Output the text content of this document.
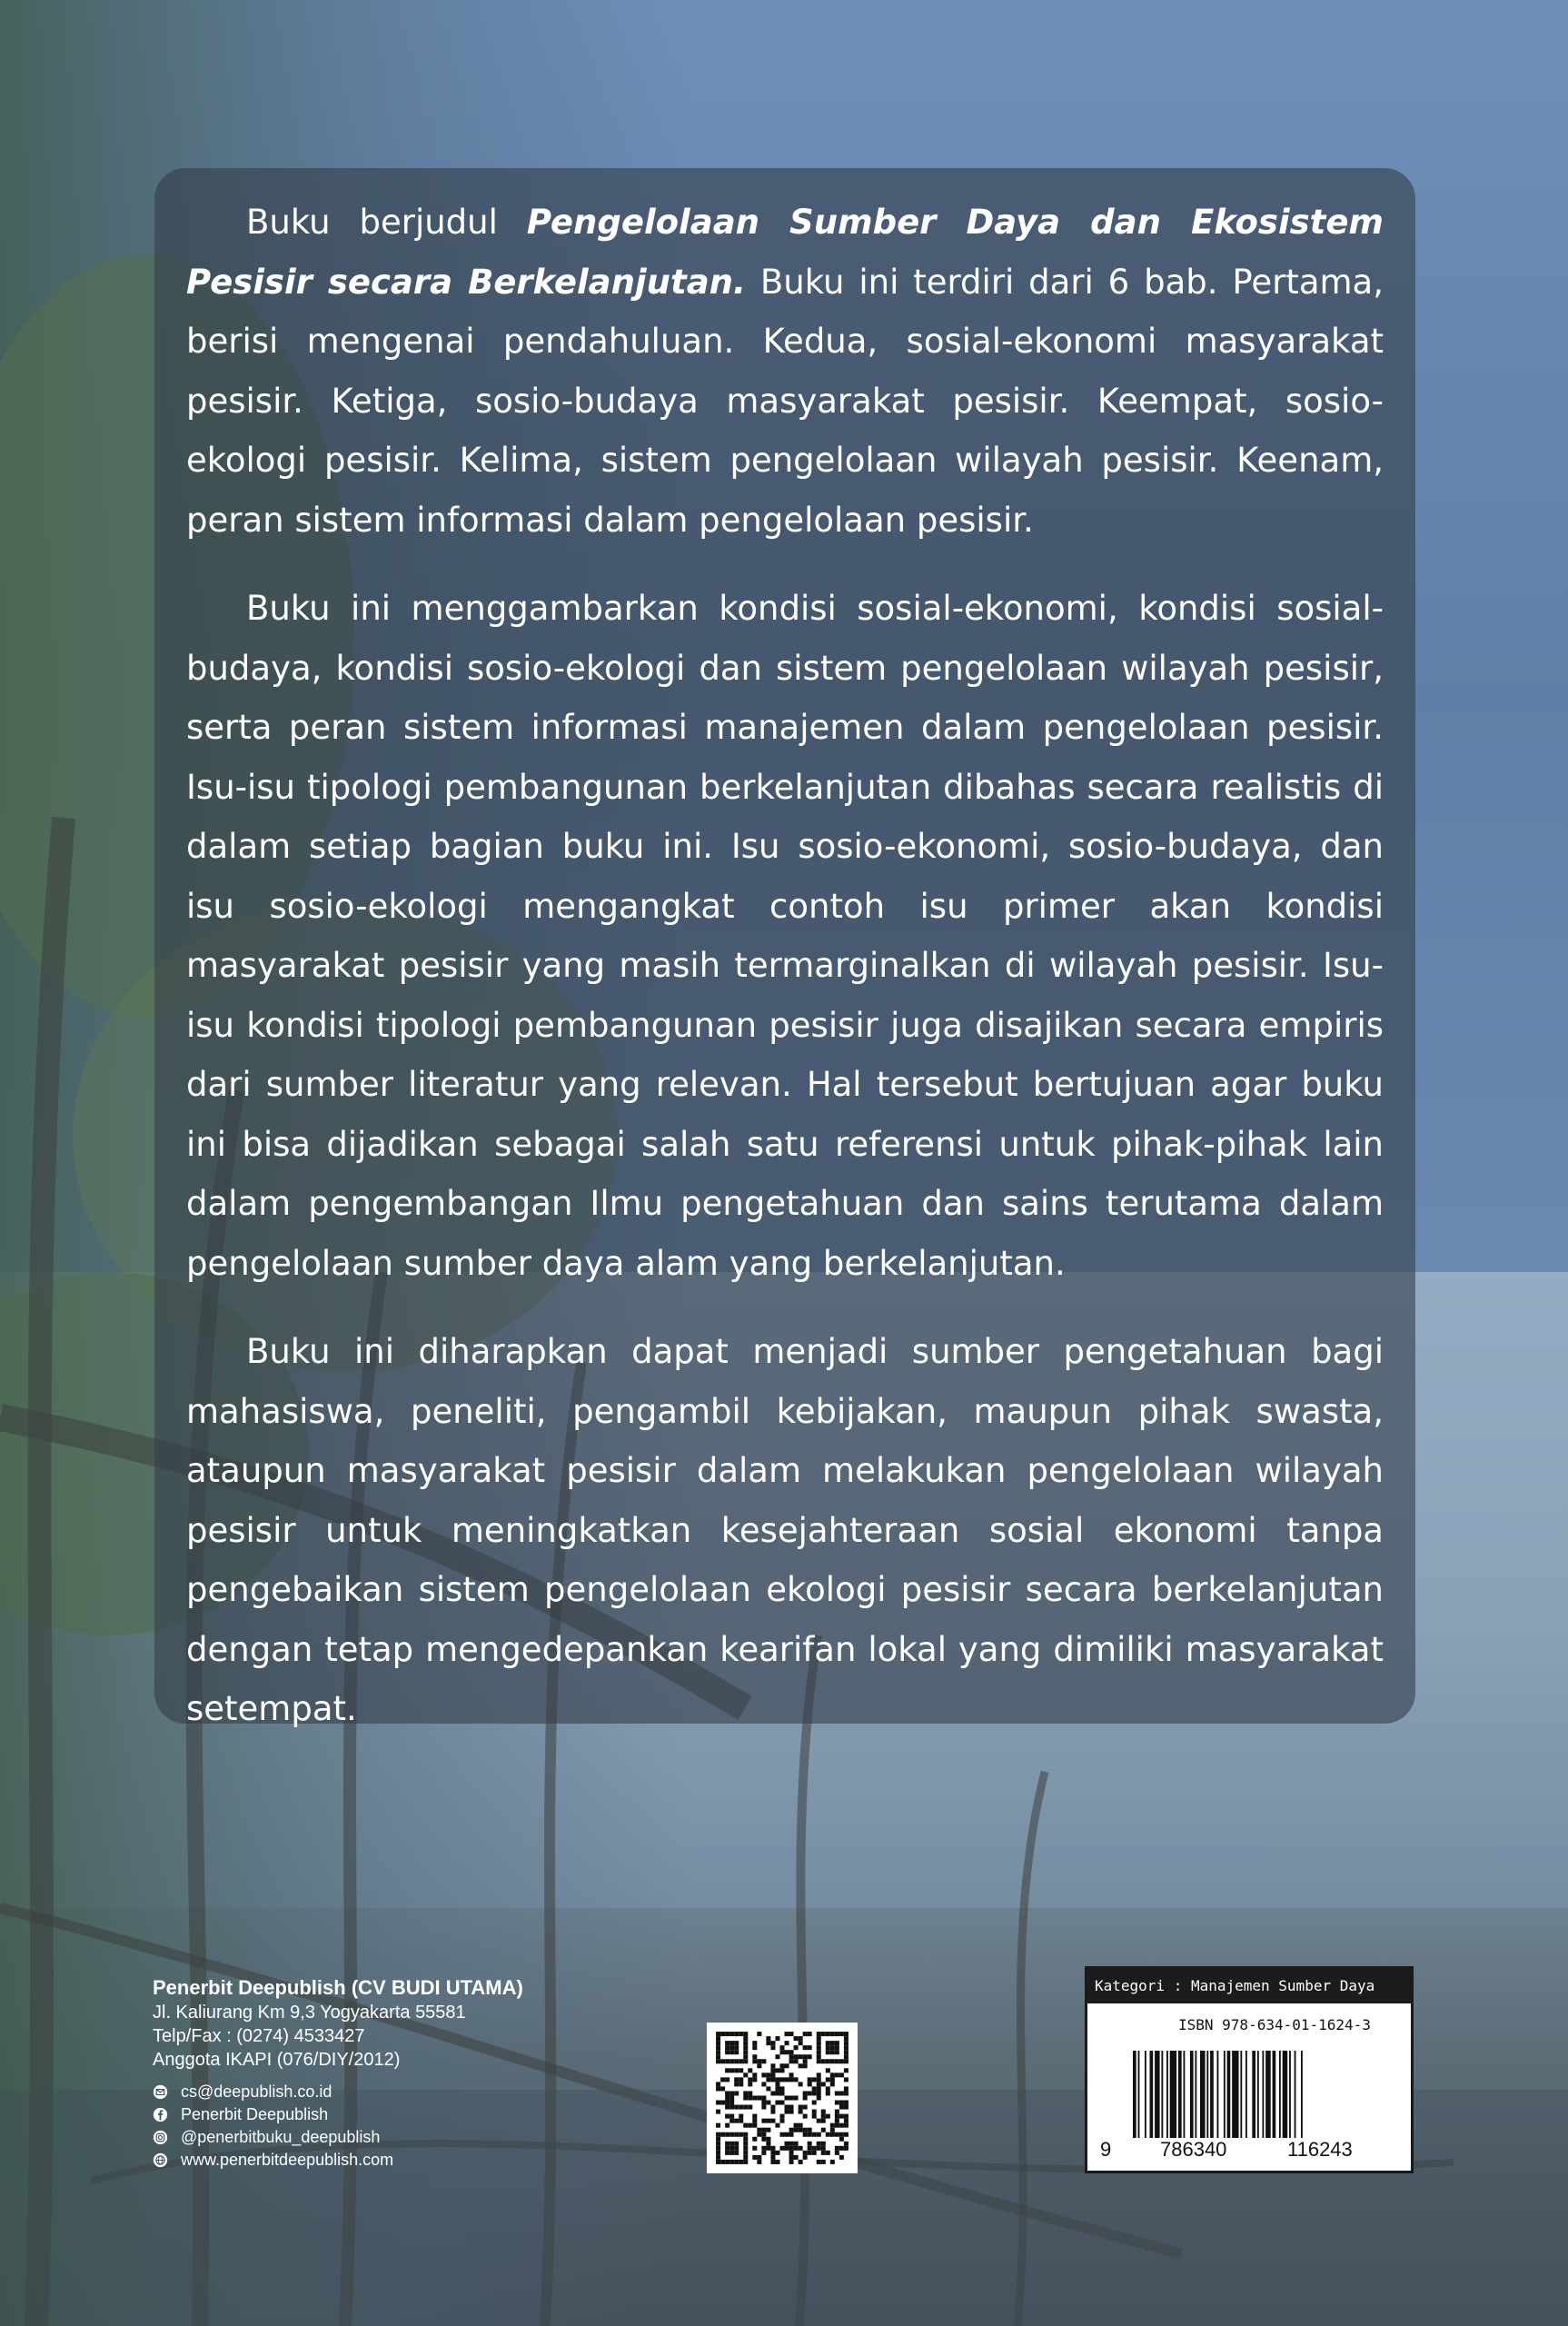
Buku berjudul Pengelolaan Sumber Daya dan Ekosistem Pesisir secara Berkelanjutan. Buku ini terdiri dari 6 bab. Pertama, berisi mengenai pendahuluan. Kedua, sosial-ekonomi masyarakat pesisir. Ketiga, sosio-budaya masyarakat pesisir. Keempat, sosio-ekologi pesisir. Kelima, sistem pengelolaan wilayah pesisir. Keenam, peran sistem informasi dalam pengelolaan pesisir.

Buku ini menggambarkan kondisi sosial-ekonomi, kondisi sosial-budaya, kondisi sosio-ekologi dan sistem pengelolaan wilayah pesisir, serta peran sistem informasi manajemen dalam pengelolaan pesisir. Isu-isu tipologi pembangunan berkelanjutan dibahas secara realistis di dalam setiap bagian buku ini. Isu sosio-ekonomi, sosio-budaya, dan isu sosio-ekologi mengangkat contoh isu primer akan kondisi masyarakat pesisir yang masih termarginalkan di wilayah pesisir. Isu-isu kondisi tipologi pembangunan pesisir juga disajikan secara empiris dari sumber literatur yang relevan. Hal tersebut bertujuan agar buku ini bisa dijadikan sebagai salah satu referensi untuk pihak-pihak lain dalam pengembangan Ilmu pengetahuan dan sains terutama dalam pengelolaan sumber daya alam yang berkelanjutan.

Buku ini diharapkan dapat menjadi sumber pengetahuan bagi mahasiswa, peneliti, pengambil kebijakan, maupun pihak swasta, ataupun masyarakat pesisir dalam melakukan pengelolaan wilayah pesisir untuk meningkatkan kesejahteraan sosial ekonomi tanpa pengebaikan sistem pengelolaan ekologi pesisir secara berkelanjutan dengan tetap mengedepankan kearifan lokal yang dimiliki masyarakat setempat.

Penerbit Deepublish (CV BUDI UTAMA)
Jl. Kaliurang Km 9,3 Yogyakarta 55581
Telp/Fax : (0274) 4533427
Anggota IKAPI (076/DIY/2012)
cs@deepublish.co.id
Penerbit Deepublish
@penerbitbuku_deepublish
www.penerbitdeepublish.com
Kategori : Manajemen Sumber Daya
ISBN 978-634-01-1624-3
9 786340	116243
